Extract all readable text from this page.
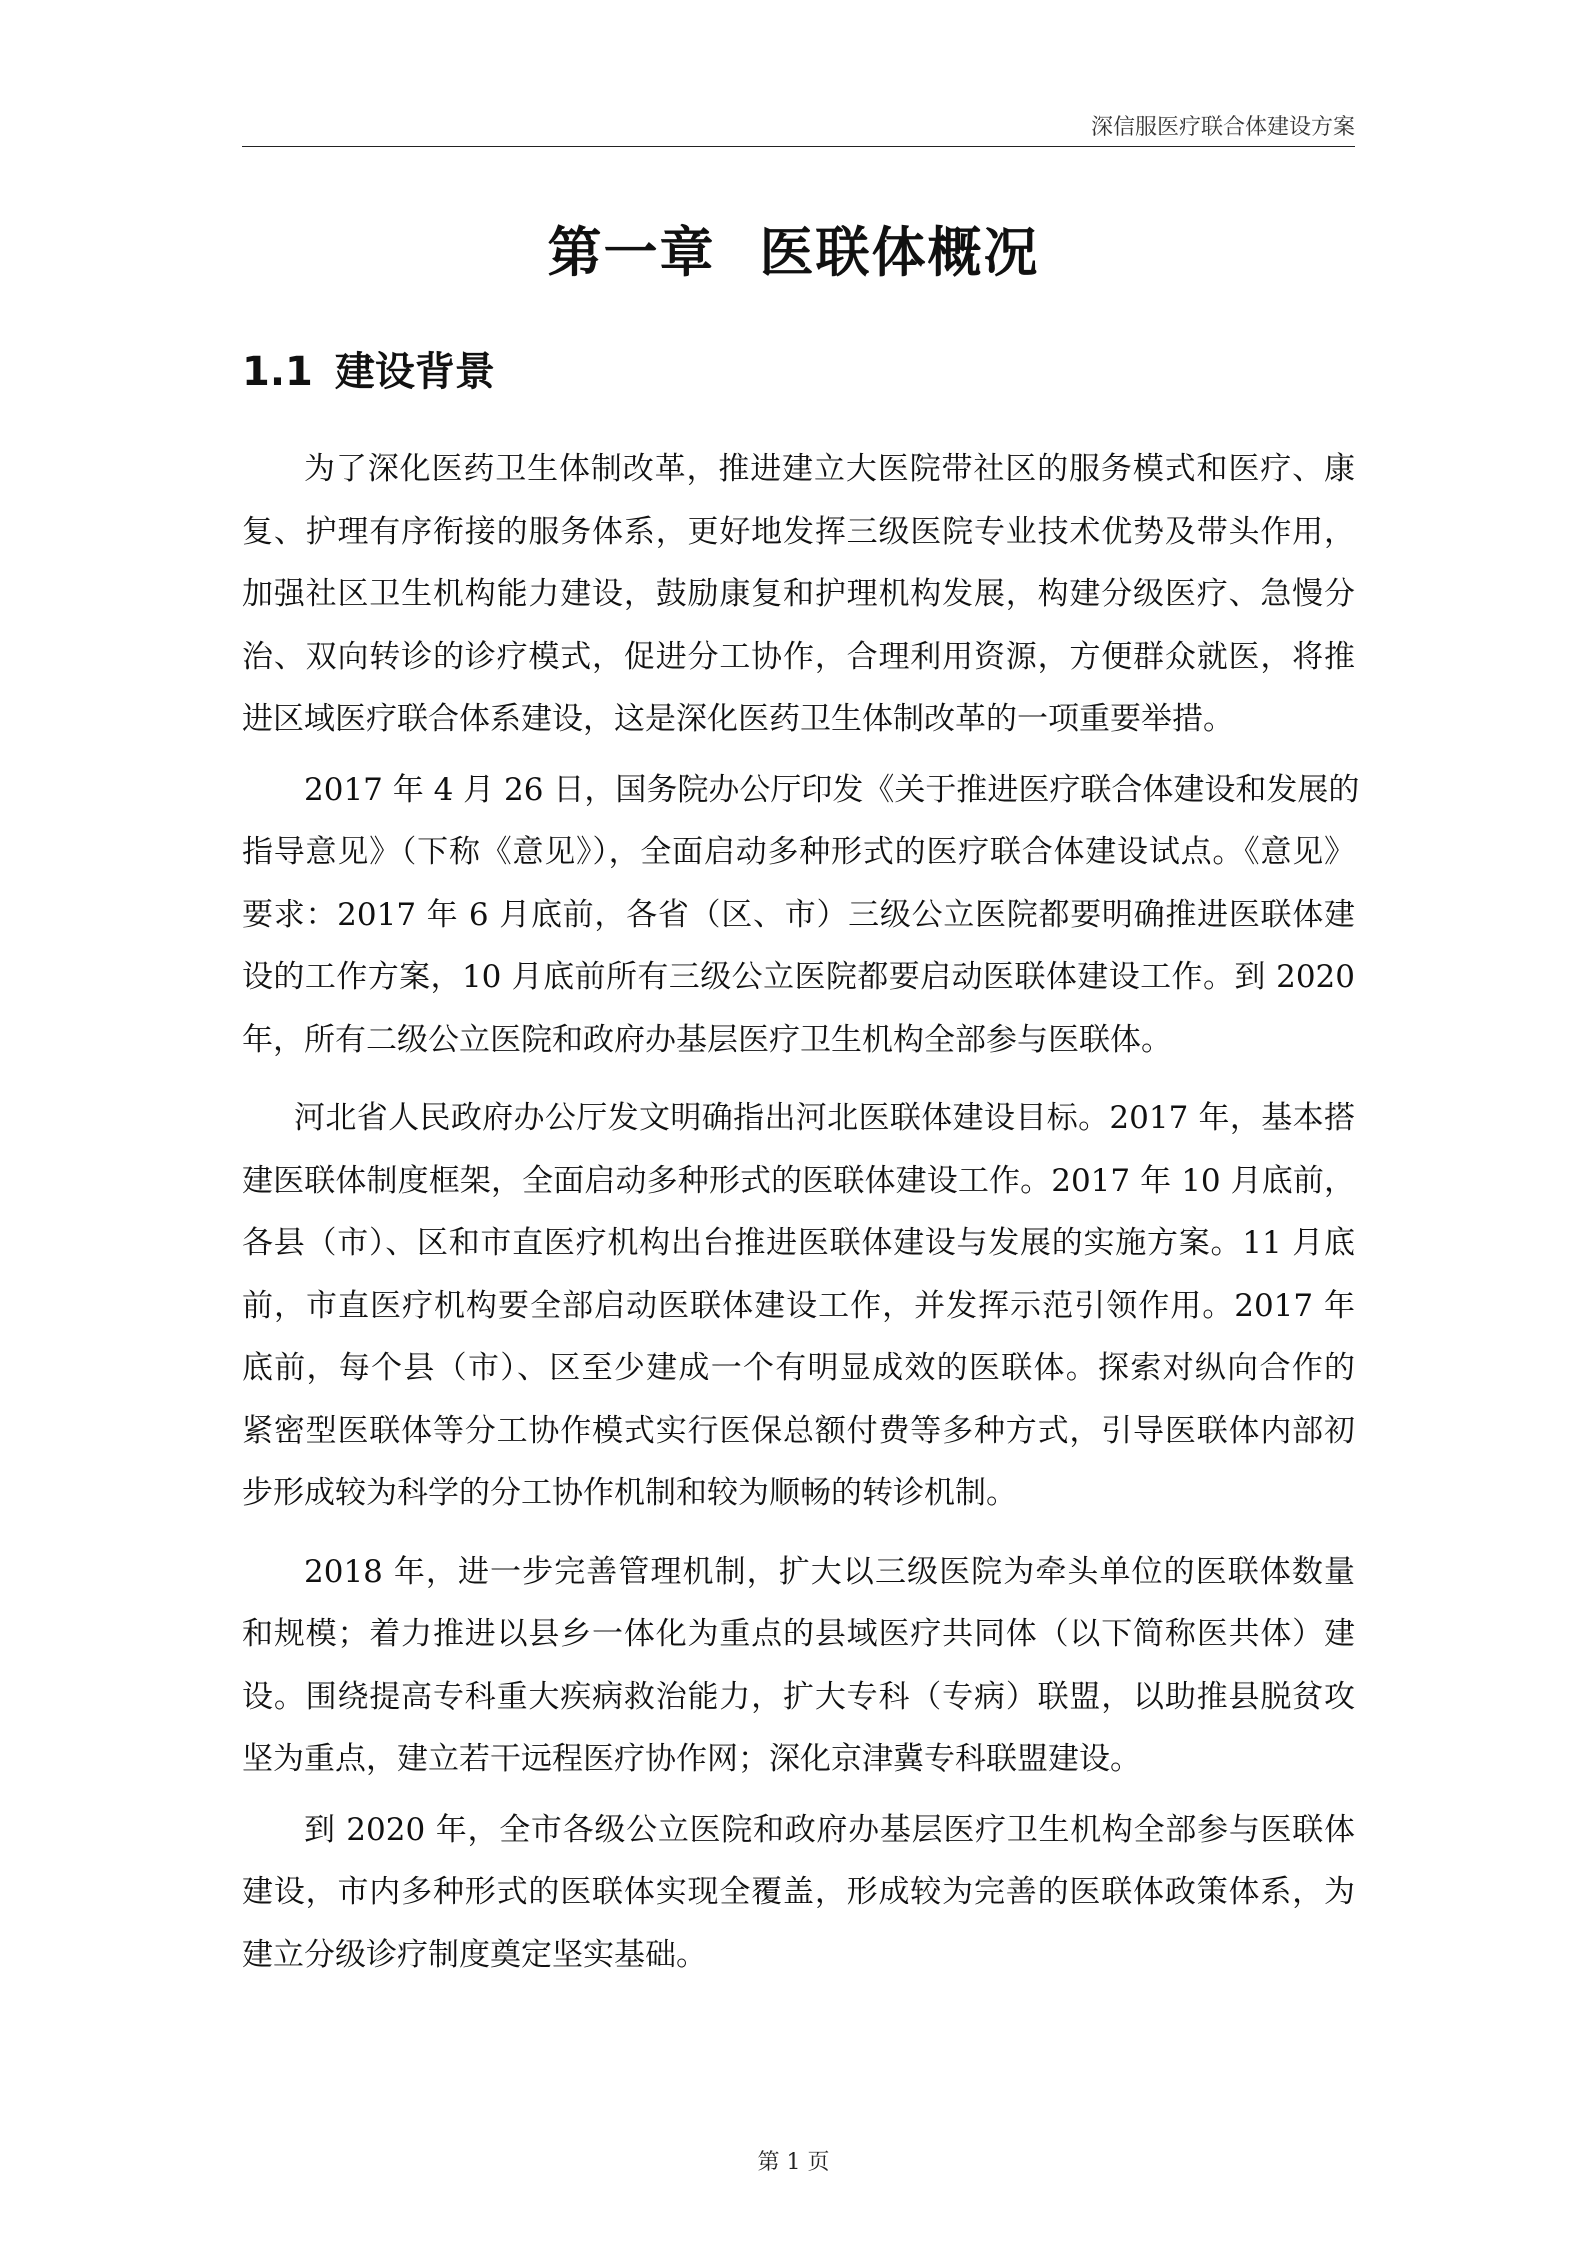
深信服医疗联合体建设方案
第一章 医联体概况
1.1 建设背景
为了深化医药卫生体制改革，推进建立大医院带社区的服务模式和医疗、康
复、护理有序衔接的服务体系，更好地发挥三级医院专业技术优势及带头作用，
加强社区卫生机构能力建设，鼓励康复和护理机构发展，构建分级医疗、急慢分
治、双向转诊的诊疗模式，促进分工协作，合理利用资源，方便群众就医，将推
进区域医疗联合体系建设，这是深化医药卫生体制改革的一项重要举措。
2017 年 4 月 26 日，国务院办公厅印发《关于推进医疗联合体建设和发展的
指导意见》（下称《意见》），全面启动多种形式的医疗联合体建设试点。《意见》
要求：2017 年 6 月底前，各省（区、市）三级公立医院都要明确推进医联体建
设的工作方案，10 月底前所有三级公立医院都要启动医联体建设工作。到 2020
年，所有二级公立医院和政府办基层医疗卫生机构全部参与医联体。
河北省人民政府办公厅发文明确指出河北医联体建设目标。2017 年，基本搭
建医联体制度框架，全面启动多种形式的医联体建设工作。2017 年 10 月底前，
各县（市）、区和市直医疗机构出台推进医联体建设与发展的实施方案。11 月底
前，市直医疗机构要全部启动医联体建设工作，并发挥示范引领作用。2017 年
底前，每个县（市）、区至少建成一个有明显成效的医联体。探索对纵向合作的
紧密型医联体等分工协作模式实行医保总额付费等多种方式，引导医联体内部初
步形成较为科学的分工协作机制和较为顺畅的转诊机制。
2018 年，进一步完善管理机制，扩大以三级医院为牵头单位的医联体数量
和规模；着力推进以县乡一体化为重点的县域医疗共同体（以下简称医共体）建
设。围绕提高专科重大疾病救治能力，扩大专科（专病）联盟，以助推县脱贫攻
坚为重点，建立若干远程医疗协作网；深化京津冀专科联盟建设。
到 2020 年，全市各级公立医院和政府办基层医疗卫生机构全部参与医联体
建设，市内多种形式的医联体实现全覆盖，形成较为完善的医联体政策体系，为
建立分级诊疗制度奠定坚实基础。
第 1 页
